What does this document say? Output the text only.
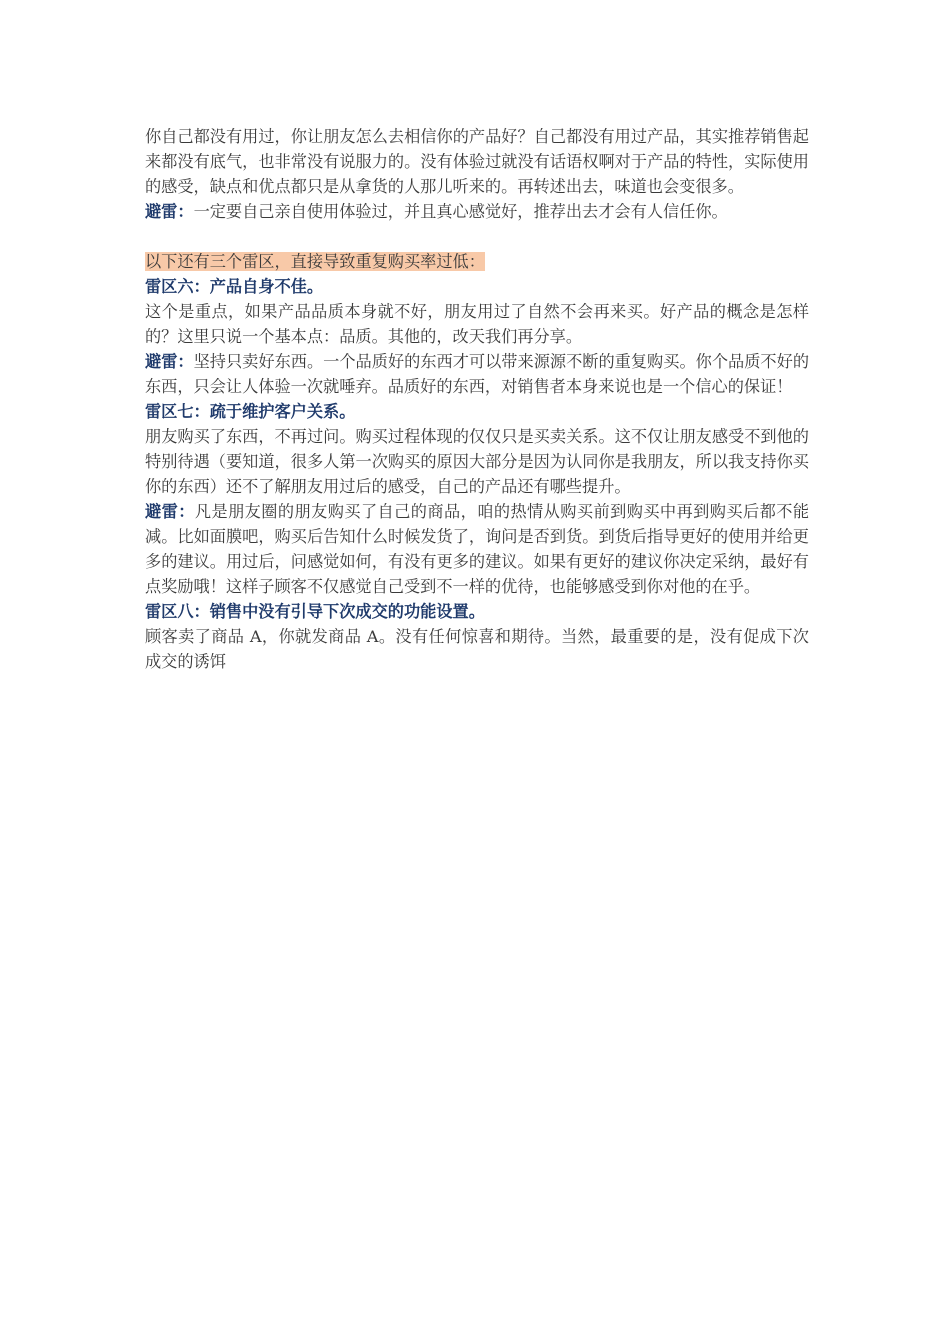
你自己都没有用过，你让朋友怎么去相信你的产品好？自己都没有用过产品，其实推荐销售起来都没有底气，也非常没有说服力的。没有体验过就没有话语权啊对于产品的特性，实际使用的感受，缺点和优点都只是从拿货的人那儿听来的。再转述出去，味道也会变很多。

避雷：一定要自己亲自使用体验过，并且真心感觉好，推荐出去才会有人信任你。

以下还有三个雷区，直接导致重复购买率过低：

雷区六：产品自身不佳。

这个是重点，如果产品品质本身就不好，朋友用过了自然不会再来买。好产品的概念是怎样的？这里只说一个基本点：品质。其他的，改天我们再分享。

避雷：坚持只卖好东西。一个品质好的东西才可以带来源源不断的重复购买。你个品质不好的东西，只会让人体验一次就唾弃。品质好的东西，对销售者本身来说也是一个信心的保证！

雷区七：疏于维护客户关系。

朋友购买了东西，不再过问。购买过程体现的仅仅只是买卖关系。这不仅让朋友感受不到他的特别待遇（要知道，很多人第一次购买的原因大部分是因为认同你是我朋友，所以我支持你买你的东西）还不了解朋友用过后的感受，自己的产品还有哪些提升。

避雷：凡是朋友圈的朋友购买了自己的商品，咱的热情从购买前到购买中再到购买后都不能减。比如面膜吧，购买后告知什么时候发货了，询问是否到货。到货后指导更好的使用并给更多的建议。用过后，问感觉如何，有没有更多的建议。如果有更好的建议你决定采纳，最好有点奖励哦！这样子顾客不仅感觉自己受到不一样的优待，也能够感受到你对他的在乎。

雷区八：销售中没有引导下次成交的功能设置。

顾客卖了商品 A，你就发商品 A。没有任何惊喜和期待。当然，最重要的是，没有促成下次成交的诱饵
